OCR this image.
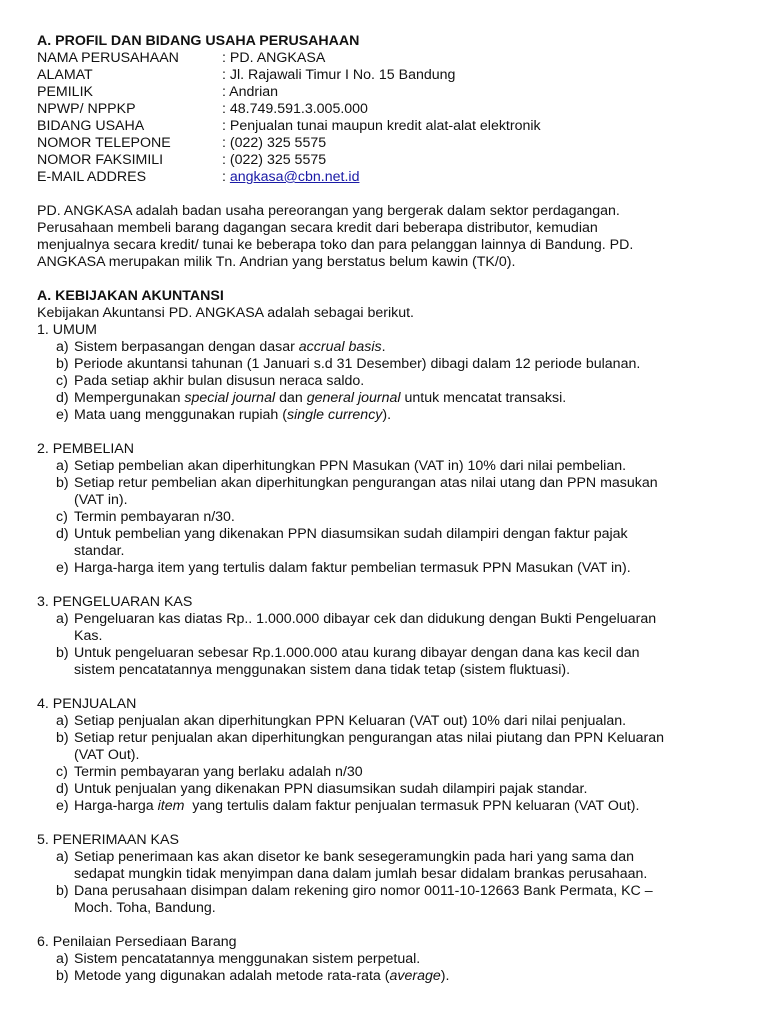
A. PROFIL DAN BIDANG USAHA PERUSAHAAN
NAMA PERUSAHAAN	: PD. ANGKASA
ALAMAT	: Jl. Rajawali Timur I No. 15 Bandung
PEMILIK	: Andrian
NPWP/ NPPKP	: 48.749.591.3.005.000
BIDANG USAHA	: Penjualan tunai maupun kredit alat-alat elektronik
NOMOR TELEPONE	: (022) 325 5575
NOMOR FAKSIMILI	: (022) 325 5575
E-MAIL ADDRES	: angkasa@cbn.net.id
PD. ANGKASA adalah badan usaha pereorangan yang bergerak dalam sektor perdagangan.
Perusahaan membeli barang dagangan secara kredit dari beberapa distributor, kemudian
menjualnya secara kredit/ tunai ke beberapa toko dan para pelanggan lainnya di Bandung. PD.
ANGKASA merupakan milik Tn. Andrian yang berstatus belum kawin (TK/0).
A. KEBIJAKAN AKUNTANSI
Kebijakan Akuntansi PD. ANGKASA adalah sebagai berikut.
1. UMUM
a) Sistem berpasangan dengan dasar accrual basis.
b) Periode akuntansi tahunan (1 Januari s.d 31 Desember) dibagi dalam 12 periode bulanan.
c) Pada setiap akhir bulan disusun neraca saldo.
d) Mempergunakan special journal dan general journal untuk mencatat transaksi.
e) Mata uang menggunakan rupiah (single currency).
2. PEMBELIAN
a) Setiap pembelian akan diperhitungkan PPN Masukan (VAT in) 10% dari nilai pembelian.
b) Setiap retur pembelian akan diperhitungkan pengurangan atas nilai utang dan PPN masukan
(VAT in).
c) Termin pembayaran n/30.
d) Untuk pembelian yang dikenakan PPN diasumsikan sudah dilampiri dengan faktur pajak
standar.
e) Harga-harga item yang tertulis dalam faktur pembelian termasuk PPN Masukan (VAT in).
3. PENGELUARAN KAS
a) Pengeluaran kas diatas Rp.. 1.000.000 dibayar cek dan didukung dengan Bukti Pengeluaran
Kas.
b) Untuk pengeluaran sebesar Rp.1.000.000 atau kurang dibayar dengan dana kas kecil dan
sistem pencatatannya menggunakan sistem dana tidak tetap (sistem fluktuasi).
4. PENJUALAN
a) Setiap penjualan akan diperhitungkan PPN Keluaran (VAT out) 10% dari nilai penjualan.
b) Setiap retur penjualan akan diperhitungkan pengurangan atas nilai piutang dan PPN Keluaran
(VAT Out).
c) Termin pembayaran yang berlaku adalah n/30
d) Untuk penjualan yang dikenakan PPN diasumsikan sudah dilampiri pajak standar.
e) Harga-harga item  yang tertulis dalam faktur penjualan termasuk PPN keluaran (VAT Out).
5. PENERIMAAN KAS
a) Setiap penerimaan kas akan disetor ke bank sesegeramungkin pada hari yang sama dan
sedapat mungkin tidak menyimpan dana dalam jumlah besar didalam brankas perusahaan.
b) Dana perusahaan disimpan dalam rekening giro nomor 0011-10-12663 Bank Permata, KC –
Moch. Toha, Bandung.
6. Penilaian Persediaan Barang
a) Sistem pencatatannya menggunakan sistem perpetual.
b) Metode yang digunakan adalah metode rata-rata (average).
